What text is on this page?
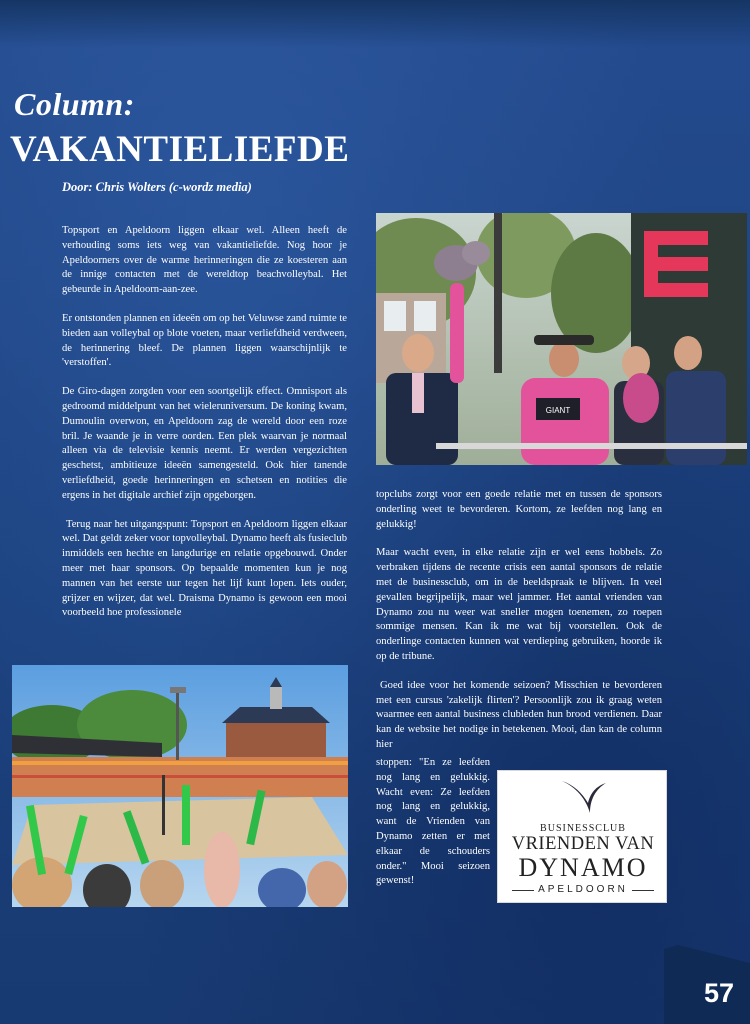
Column:
VAKANTIELIEFDE
Door: Chris Wolters (c-wordz media)

Topsport en Apeldoorn liggen elkaar wel. Alleen heeft de verhouding soms iets weg van vakantieliefde. Nog hoor je Apeldoorners over de warme herinneringen die ze koesteren aan de innige contacten met de wereldtop beachvolleybal. Het gebeurde in Apeldoorn-aan-zee.

Er ontstonden plannen en ideeën om op het Veluwse zand ruimte te bieden aan volleybal op blote voeten, maar verliefdheid verdween, de herinnering bleef. De plannen liggen waarschijnlijk te 'verstoffen'.

De Giro-dagen zorgden voor een soortgelijk effect. Omnisport als gedroomd middelpunt van het wieleruniversum. De koning kwam, Dumoulin overwon, en Apeldoorn zag de wereld door een roze bril. Je waande je in verre oorden. Een plek waarvan je normaal alleen via de televisie kennis neemt. Er werden vergezichten geschetst, ambitieuze ideeën samengesteld. Ook hier tanende verliefdheid, goede herinneringen en schetsen en notities die ergens in het digitale archief zijn opgeborgen.

Terug naar het uitgangspunt: Topsport en Apeldoorn liggen elkaar wel. Dat geldt zeker voor topvolleybal. Dynamo heeft als fusieclub inmiddels een hechte en langdurige en relatie opgebouwd. Onder meer met haar sponsors. Op bepaalde momenten kun je nog mannen van het eerste uur tegen het lijf kunt lopen. Iets ouder, grijzer en wijzer, dat wel. Draisma Dynamo is gewoon een mooi voorbeeld hoe professionele

GIANT

topclubs zorgt voor een goede relatie met en tussen de sponsors onderling weet te bevorderen. Kortom, ze leefden nog lang en gelukkig!

Maar wacht even, in elke relatie zijn er wel eens hobbels. Zo verbraken tijdens de recente crisis een aantal sponsors de relatie met de businessclub, om in de beeldspraak te blijven. In veel gevallen begrijpelijk, maar wel jammer. Het aantal vrienden van Dynamo zou nu weer wat sneller mogen toenemen, zo roepen sommige mensen. Kan ik me wat bij voorstellen. Ook de onderlinge contacten kunnen wat verdieping gebruiken, hoorde ik op de tribune.

Goed idee voor het komende seizoen? Misschien te bevorderen met een cursus 'zakelijk flirten'? Persoonlijk zou ik graag weten waarmee een aantal business clubleden hun brood verdienen. Daar kan de website het nodige in betekenen. Mooi, dan kan de column hier

stoppen: "En ze leefden nog lang en gelukkig. Wacht even: Ze leefden nog lang en gelukkig, want de Vrienden van Dynamo zetten er met elkaar de schouders onder." Mooi seizoen gewenst!

BUSINESSCLUB
VRIENDEN VAN
DYNAMO
APELDOORN
57
